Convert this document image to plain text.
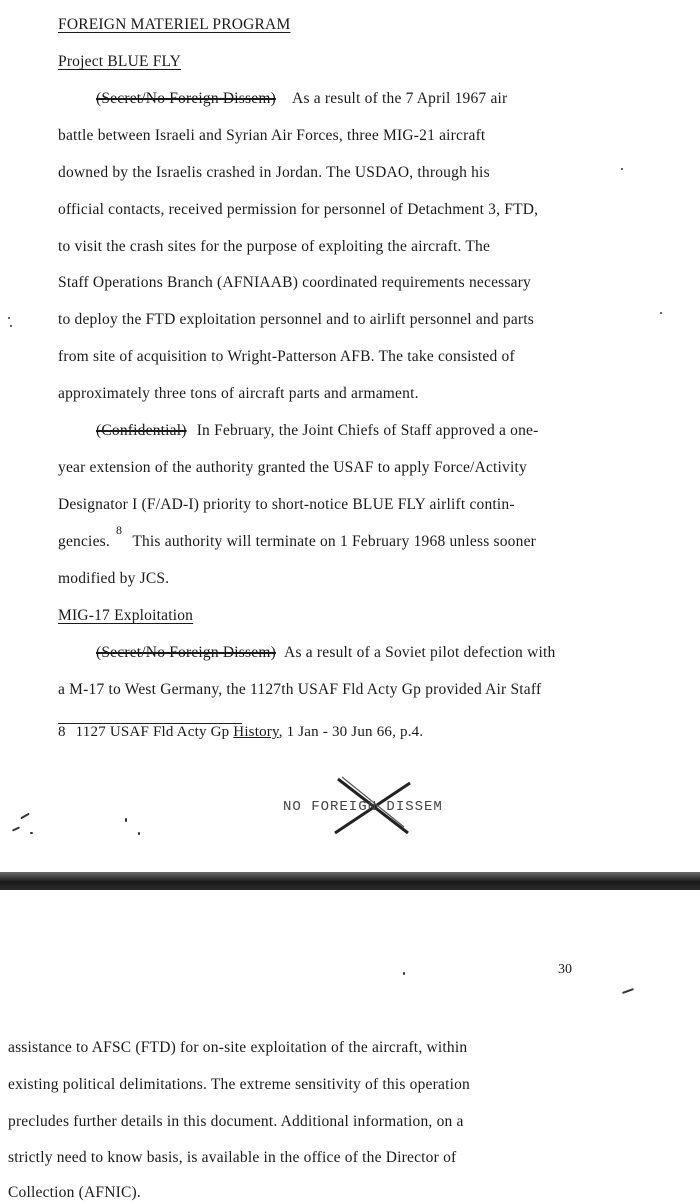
FOREIGN MATERIEL PROGRAM
Project BLUE FLY
(Secret/No Foreign Dissem) As a result of the 7 April 1967 air
battle between Israeli and Syrian Air Forces, three MIG-21 aircraft
downed by the Israelis crashed in Jordan. The USDAO, through his
official contacts, received permission for personnel of Detachment 3, FTD,
to visit the crash sites for the purpose of exploiting the aircraft. The
Staff Operations Branch (AFNIAAB) coordinated requirements necessary
to deploy the FTD exploitation personnel and to airlift personnel and parts
from site of acquisition to Wright-Patterson AFB. The take consisted of
approximately three tons of aircraft parts and armament.
(Confidential) In February, the Joint Chiefs of Staff approved a one-
year extension of the authority granted the USAF to apply Force/Activity
Designator I (F/AD-I) priority to short-notice BLUE FLY airlift contin-
gencies. $^8$ This authority will terminate on 1 February 1968 unless sooner
modified by JCS.
MIG-17 Exploitation
(Secret/No Foreign Dissem) As a result of a Soviet pilot defection with
a M-17 to West Germany, the 1127th USAF Fld Acty Gp provided Air Staff
8 1127 USAF Fld Acty Gp History, 1 Jan - 30 Jun 66, p.4.
NO FOREIGN DISSEM
30
assistance to AFSC (FTD) for on-site exploitation of the aircraft, within
existing political delimitations. The extreme sensitivity of this operation
precludes further details in this document. Additional information, on a
strictly need to know basis, is available in the office of the Director of
Collection (AFNIC).
